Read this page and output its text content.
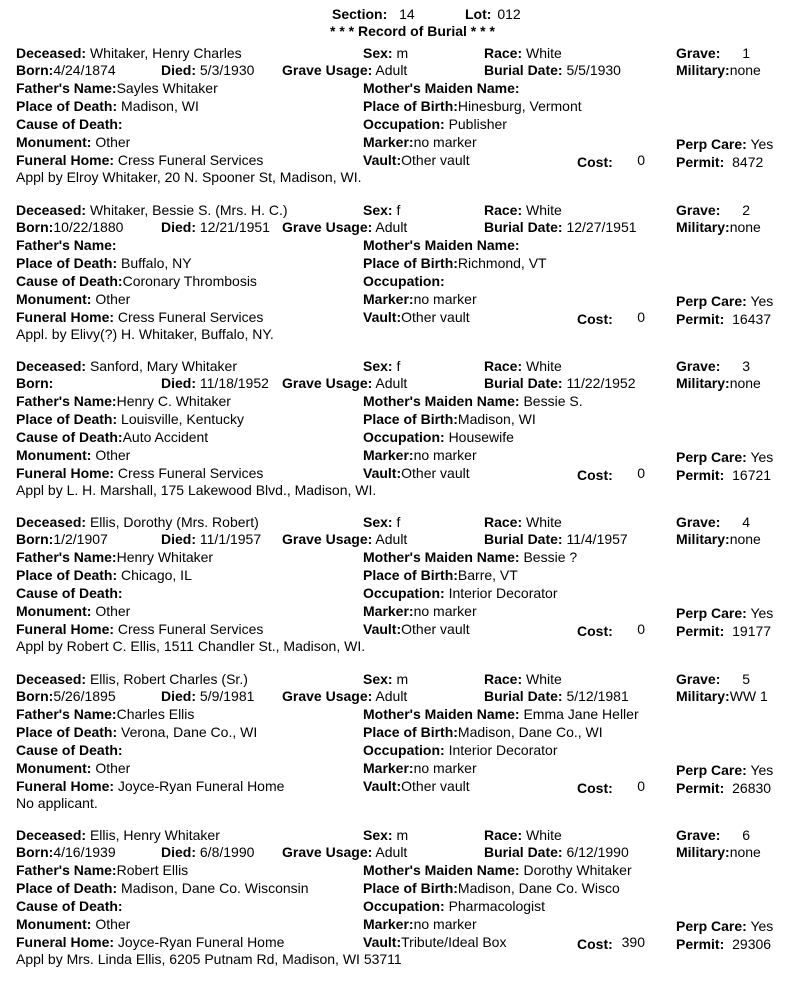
Section: 14	Lot: 012
* * * Record of Burial * * *
Deceased: Whitaker, Henry Charles	Sex: m	Race: White	Grave: 1
Born:4/24/1874	Died: 5/3/1930 Grave Usage: Adult	Burial Date: 5/5/1930	Military:none
Father's Name:Sayles Whitaker	Mother's Maiden Name:
Place of Death: Madison, WI	Place of Birth:Hinesburg, Vermont
Cause of Death:	Occupation: Publisher
Monument: Other	Marker:no marker	Perp Care: Yes
Funeral Home: Cress Funeral Services	Vault:Other vault	Cost:	0 Permit: 8472
Appl by Elroy Whitaker, 20 N. Spooner St, Madison, WI.
Deceased: Whitaker, Bessie S. (Mrs. H. C.)	Sex: f	Race: White	Grave: 2
Born:10/22/1880	Died: 12/21/1951 Grave Usage: Adult	Burial Date: 12/27/1951	Military:none
Father's Name:	Mother's Maiden Name:
Place of Death: Buffalo, NY	Place of Birth:Richmond, VT
Cause of Death:Coronary Thrombosis	Occupation:
Monument: Other	Marker:no marker	Perp Care: Yes
Funeral Home: Cress Funeral Services	Vault:Other vault	Cost:	0 Permit: 16437
Appl. by Elivy(?) H. Whitaker, Buffalo, NY.
Deceased: Sanford, Mary Whitaker	Sex: f	Race: White	Grave: 3
Born:	Died: 11/18/1952 Grave Usage: Adult	Burial Date: 11/22/1952	Military:none
Father's Name:Henry C. Whitaker	Mother's Maiden Name: Bessie S.
Place of Death: Louisville, Kentucky	Place of Birth:Madison, WI
Cause of Death:Auto Accident	Occupation: Housewife
Monument: Other	Marker:no marker	Perp Care: Yes
Funeral Home: Cress Funeral Services	Vault:Other vault	Cost:	0 Permit: 16721
Appl by L. H. Marshall, 175 Lakewood Blvd., Madison, WI.
Deceased: Ellis, Dorothy (Mrs. Robert)	Sex: f	Race: White	Grave: 4
Born:1/2/1907	Died: 11/1/1957 Grave Usage: Adult	Burial Date: 11/4/1957	Military:none
Father's Name:Henry Whitaker	Mother's Maiden Name: Bessie ?
Place of Death: Chicago, IL	Place of Birth:Barre, VT
Cause of Death:	Occupation: Interior Decorator
Monument: Other	Marker:no marker	Perp Care: Yes
Funeral Home: Cress Funeral Services	Vault:Other vault	Cost:	0 Permit: 19177
Appl by Robert C. Ellis, 1511 Chandler St., Madison, WI.
Deceased: Ellis, Robert Charles (Sr.)	Sex: m	Race: White	Grave: 5
Born:5/26/1895	Died: 5/9/1981 Grave Usage: Adult	Burial Date: 5/12/1981	Military:WW 1
Father's Name:Charles Ellis	Mother's Maiden Name: Emma Jane Heller
Place of Death: Verona, Dane Co., WI	Place of Birth:Madison, Dane Co., WI
Cause of Death:	Occupation: Interior Decorator
Monument: Other	Marker:no marker	Perp Care: Yes
Funeral Home: Joyce-Ryan Funeral Home	Vault:Other vault	Cost:	0 Permit: 26830
No applicant.
Deceased: Ellis, Henry Whitaker	Sex: m	Race: White	Grave: 6
Born:4/16/1939	Died: 6/8/1990 Grave Usage: Adult	Burial Date: 6/12/1990	Military:none
Father's Name:Robert Ellis	Mother's Maiden Name: Dorothy Whitaker
Place of Death: Madison, Dane Co. Wisconsin	Place of Birth:Madison, Dane Co. Wisco
Cause of Death:	Occupation: Pharmacologist
Monument: Other	Marker:no marker	Perp Care: Yes
Funeral Home: Joyce-Ryan Funeral Home	Vault:Tribute/Ideal Box	Cost: 390 Permit: 29306
Appl by Mrs. Linda Ellis, 6205 Putnam Rd, Madison, WI 53711
